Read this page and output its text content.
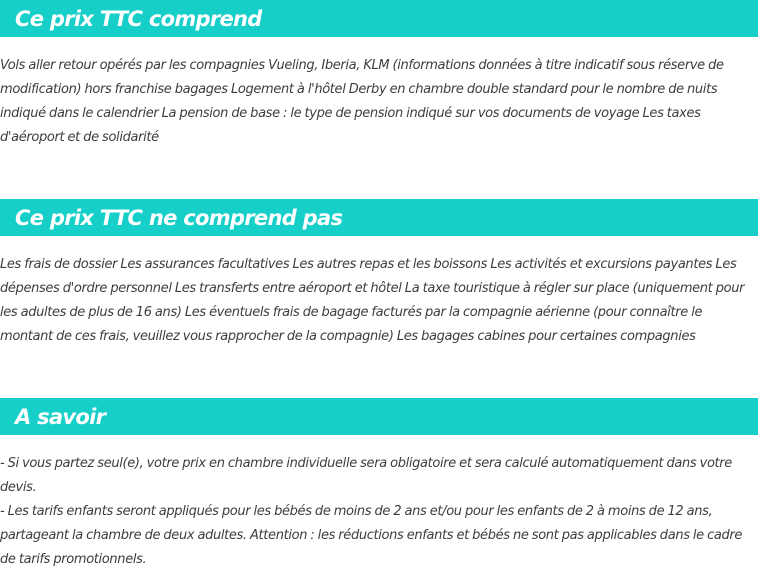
Ce prix TTC comprend

Vols aller retour opérés par les compagnies Vueling, Iberia, KLM (informations données à titre indicatif sous réserve de modification) hors franchise bagages Logement à l'hôtel Derby en chambre double standard pour le nombre de nuits indiqué dans le calendrier La pension de base : le type de pension indiqué sur vos documents de voyage Les taxes d'aéroport et de solidarité

Ce prix TTC ne comprend pas

Les frais de dossier Les assurances facultatives Les autres repas et les boissons Les activités et excursions payantes Les dépenses d'ordre personnel Les transferts entre aéroport et hôtel La taxe touristique à régler sur place (uniquement pour les adultes de plus de 16 ans) Les éventuels frais de bagage facturés par la compagnie aérienne (pour connaître le montant de ces frais, veuillez vous rapprocher de la compagnie) Les bagages cabines pour certaines compagnies

A savoir

- Si vous partez seul(e), votre prix en chambre individuelle sera obligatoire et sera calculé automatiquement dans votre devis.

- Les tarifs enfants seront appliqués pour les bébés de moins de 2 ans et/ou pour les enfants de 2 à moins de 12 ans, partageant la chambre de deux adultes. Attention : les réductions enfants et bébés ne sont pas applicables dans le cadre de tarifs promotionnels.
